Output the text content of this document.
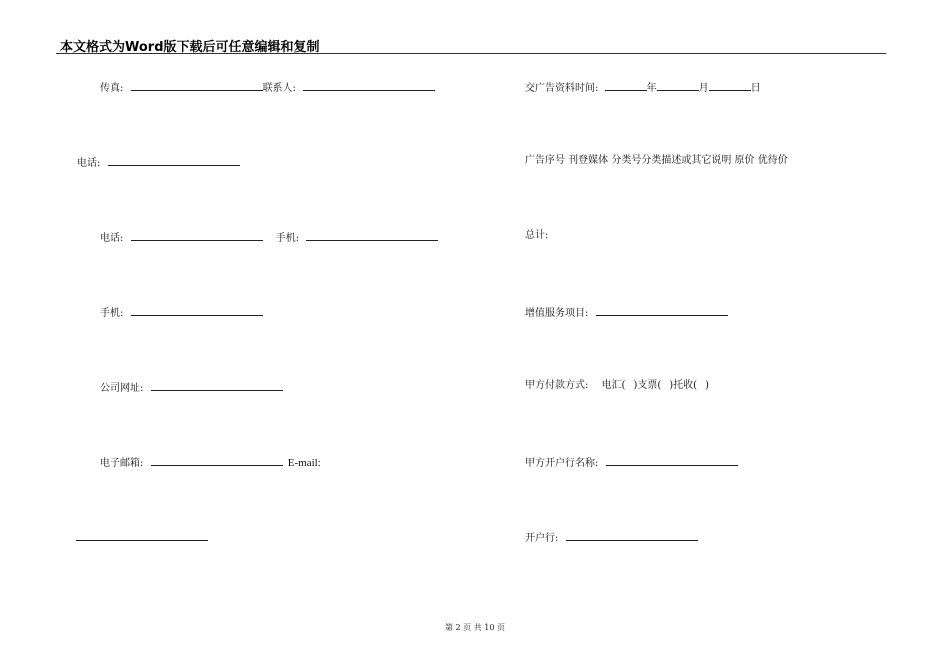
本文格式为Word版下载后可任意编辑和复制
传真:	联系人:
电话:
电话:	手机:
手机:
公司网址:
电子邮箱:	E-mail:
交广告资料时间:	年	月	日
广告序号 刊登媒体 分类号分类描述或其它说明 原价 优待价
总计:
增值服务项目:
甲方付款方式: 电汇( )支票( )托收( )
甲方开户行名称:
开户行:
第 2 页 共 10 页
